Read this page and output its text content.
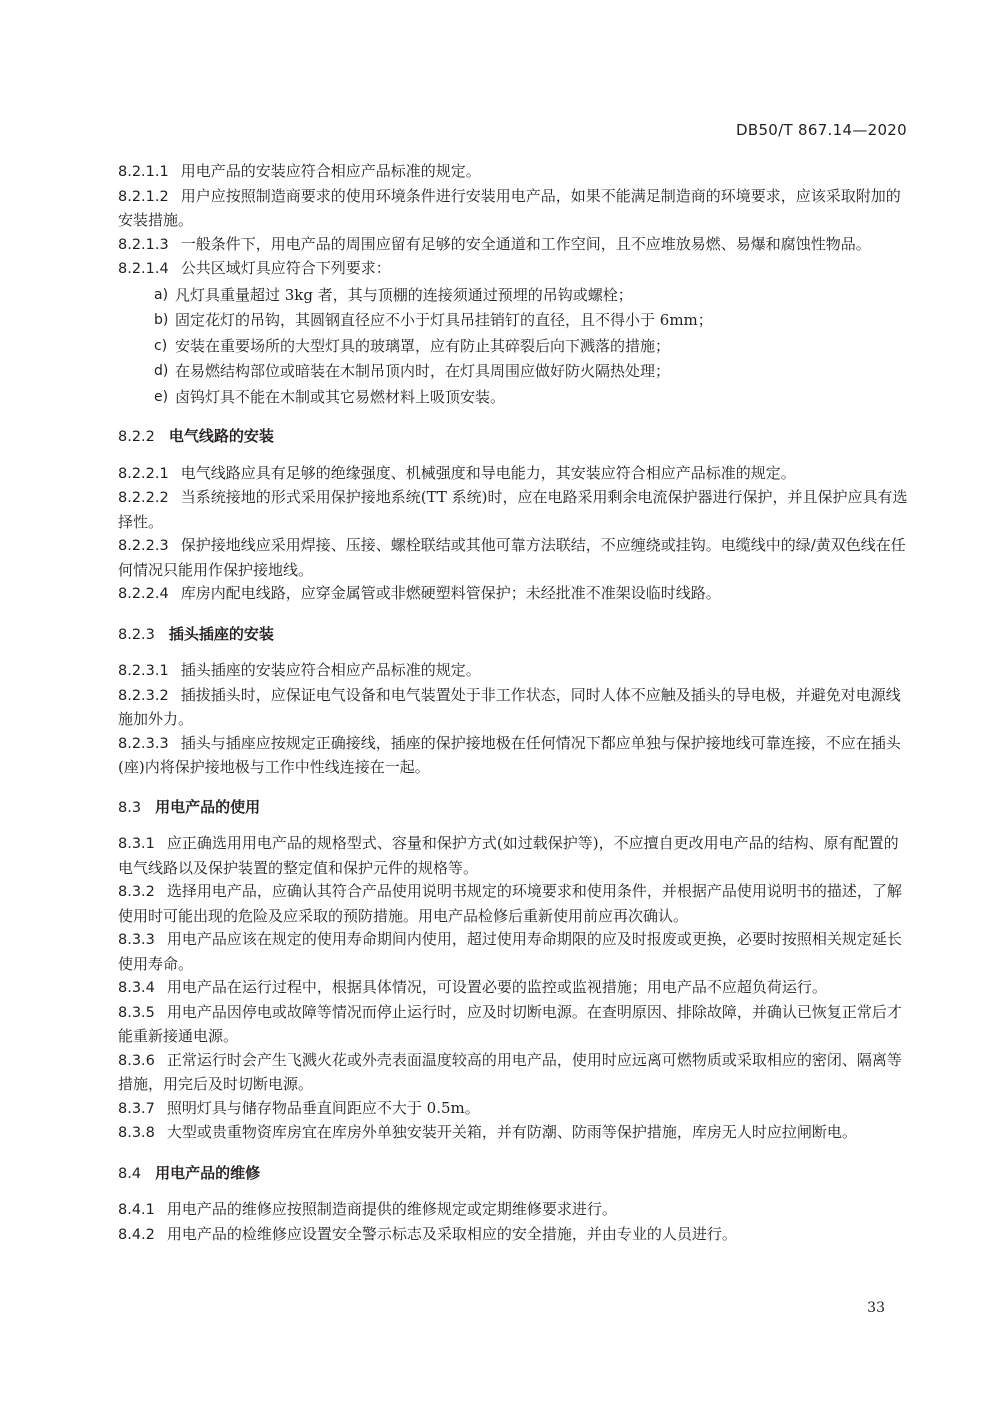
DB50/T 867.14—2020

8.2.1.1 用电产品的安装应符合相应产品标准的规定。

8.2.1.2 用户应按照制造商要求的使用环境条件进行安装用电产品，如果不能满足制造商的环境要求，应该采取附加的安装措施。

8.2.1.3 一般条件下，用电产品的周围应留有足够的安全通道和工作空间，且不应堆放易燃、易爆和腐蚀性物品。

8.2.1.4 公共区域灯具应符合下列要求：

a) 凡灯具重量超过 3kg 者，其与顶棚的连接须通过预埋的吊钩或螺栓；
b) 固定花灯的吊钩，其圆钢直径应不小于灯具吊挂销钉的直径，且不得小于 6mm；
c) 安装在重要场所的大型灯具的玻璃罩，应有防止其碎裂后向下溅落的措施；
d) 在易燃结构部位或暗装在木制吊顶内时，在灯具周围应做好防火隔热处理；
e) 卤钨灯具不能在木制或其它易燃材料上吸顶安装。
8.2.2 电气线路的安装

8.2.2.1 电气线路应具有足够的绝缘强度、机械强度和导电能力，其安装应符合相应产品标准的规定。

8.2.2.2 当系统接地的形式采用保护接地系统(TT 系统)时，应在电路采用剩余电流保护器进行保护，并且保护应具有选择性。

8.2.2.3 保护接地线应采用焊接、压接、螺栓联结或其他可靠方法联结，不应缠绕或挂钩。电缆线中的绿/黄双色线在任何情况只能用作保护接地线。

8.2.2.4 库房内配电线路，应穿金属管或非燃硬塑料管保护；未经批准不准架设临时线路。

8.2.3 插头插座的安装

8.2.3.1 插头插座的安装应符合相应产品标准的规定。

8.2.3.2 插拔插头时，应保证电气设备和电气装置处于非工作状态，同时人体不应触及插头的导电极，并避免对电源线施加外力。

8.2.3.3 插头与插座应按规定正确接线，插座的保护接地极在任何情况下都应单独与保护接地线可靠连接，不应在插头(座)内将保护接地极与工作中性线连接在一起。

8.3 用电产品的使用

8.3.1 应正确选用用电产品的规格型式、容量和保护方式(如过载保护等)，不应擅自更改用电产品的结构、原有配置的电气线路以及保护装置的整定值和保护元件的规格等。

8.3.2 选择用电产品，应确认其符合产品使用说明书规定的环境要求和使用条件，并根据产品使用说明书的描述，了解使用时可能出现的危险及应采取的预防措施。用电产品检修后重新使用前应再次确认。

8.3.3 用电产品应该在规定的使用寿命期间内使用，超过使用寿命期限的应及时报废或更换，必要时按照相关规定延长使用寿命。

8.3.4 用电产品在运行过程中，根据具体情况，可设置必要的监控或监视措施；用电产品不应超负荷运行。

8.3.5 用电产品因停电或故障等情况而停止运行时，应及时切断电源。在查明原因、排除故障，并确认已恢复正常后才能重新接通电源。

8.3.6 正常运行时会产生飞溅火花或外壳表面温度较高的用电产品，使用时应远离可燃物质或采取相应的密闭、隔离等措施，用完后及时切断电源。

8.3.7 照明灯具与储存物品垂直间距应不大于 0.5m。

8.3.8 大型或贵重物资库房宜在库房外单独安装开关箱，并有防潮、防雨等保护措施，库房无人时应拉闸断电。

8.4 用电产品的维修

8.4.1 用电产品的维修应按照制造商提供的维修规定或定期维修要求进行。

8.4.2 用电产品的检维修应设置安全警示标志及采取相应的安全措施，并由专业的人员进行。

33
